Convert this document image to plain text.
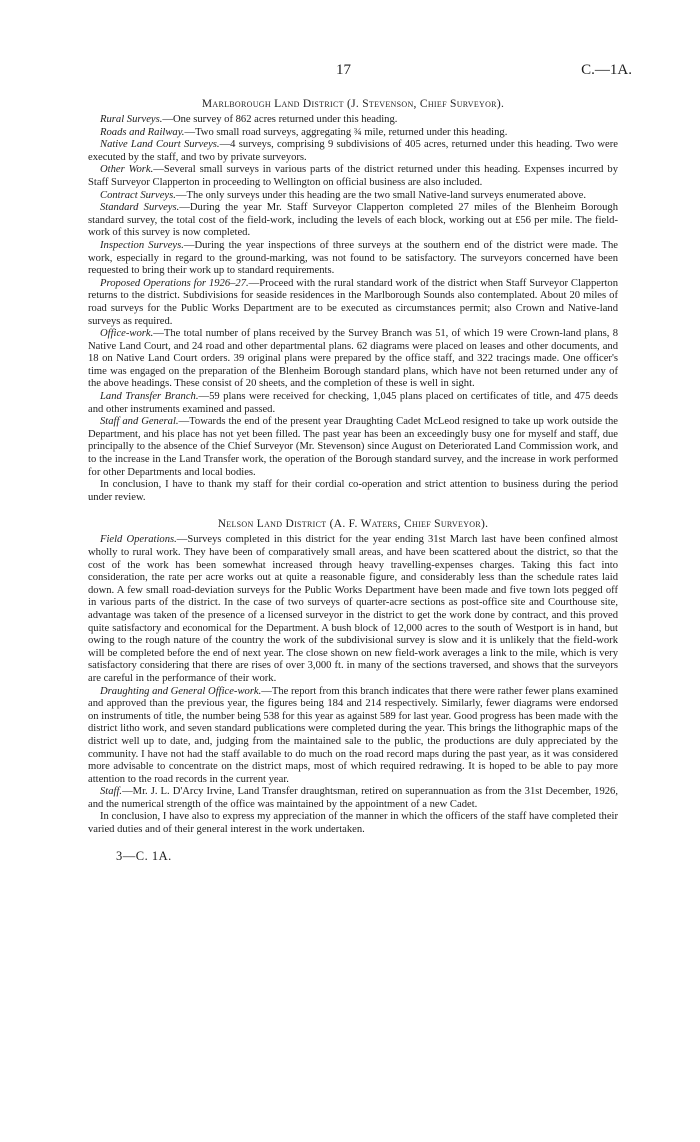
17	C.—1A.
Marlborough Land District (J. Stevenson, Chief Surveyor).

Rural Surveys.—One survey of 862 acres returned under this heading.

Roads and Railway.—Two small road surveys, aggregating ¾ mile, returned under this heading.

Native Land Court Surveys.—4 surveys, comprising 9 subdivisions of 405 acres, returned under this heading. Two were executed by the staff, and two by private surveyors.

Other Work.—Several small surveys in various parts of the district returned under this heading. Expenses incurred by Staff Surveyor Clapperton in proceeding to Wellington on official business are also included.

Contract Surveys.—The only surveys under this heading are the two small Native-land surveys enumerated above.

Standard Surveys.—During the year Mr. Staff Surveyor Clapperton completed 27 miles of the Blenheim Borough standard survey, the total cost of the field-work, including the levels of each block, working out at £56 per mile. The field-work of this survey is now completed.

Inspection Surveys.—During the year inspections of three surveys at the southern end of the district were made. The work, especially in regard to the ground-marking, was not found to be satisfactory. The surveyors concerned have been requested to bring their work up to standard requirements.

Proposed Operations for 1926–27.—Proceed with the rural standard work of the district when Staff Surveyor Clapperton returns to the district. Subdivisions for seaside residences in the Marlborough Sounds also contemplated. About 20 miles of road surveys for the Public Works Department are to be executed as circumstances permit; also Crown and Native-land surveys as required.

Office-work.—The total number of plans received by the Survey Branch was 51, of which 19 were Crown-land plans, 8 Native Land Court, and 24 road and other departmental plans. 62 diagrams were placed on leases and other documents, and 18 on Native Land Court orders. 39 original plans were prepared by the office staff, and 322 tracings made. One officer's time was engaged on the preparation of the Blenheim Borough standard plans, which have not been returned under any of the above headings. These consist of 20 sheets, and the completion of these is well in sight.

Land Transfer Branch.—59 plans were received for checking, 1,045 plans placed on certificates of title, and 475 deeds and other instruments examined and passed.

Staff and General.—Towards the end of the present year Draughting Cadet McLeod resigned to take up work outside the Department, and his place has not yet been filled. The past year has been an exceedingly busy one for myself and staff, due principally to the absence of the Chief Surveyor (Mr. Stevenson) since August on Deteriorated Land Commission work, and to the increase in the Land Transfer work, the operation of the Borough standard survey, and the increase in work performed for other Departments and local bodies.

In conclusion, I have to thank my staff for their cordial co-operation and strict attention to business during the period under review.

Nelson Land District (A. F. Waters, Chief Surveyor).

Field Operations.—Surveys completed in this district for the year ending 31st March last have been confined almost wholly to rural work. They have been of comparatively small areas, and have been scattered about the district, so that the cost of the work has been somewhat increased through heavy travelling-expenses charges. Taking this fact into consideration, the rate per acre works out at quite a reasonable figure, and considerably less than the schedule rates laid down. A few small road-deviation surveys for the Public Works Department have been made and five town lots pegged off in various parts of the district. In the case of two surveys of quarter-acre sections as post-office site and Courthouse site, advantage was taken of the presence of a licensed surveyor in the district to get the work done by contract, and this proved quite satisfactory and economical for the Department. A bush block of 12,000 acres to the south of Westport is in hand, but owing to the rough nature of the country the work of the subdivisional survey is slow and it is unlikely that the field-work will be completed before the end of next year. The close shown on new field-work averages a link to the mile, which is very satisfactory considering that there are rises of over 3,000 ft. in many of the sections traversed, and shows that the surveyors are careful in the performance of their work.

Draughting and General Office-work.—The report from this branch indicates that there were rather fewer plans examined and approved than the previous year, the figures being 184 and 214 respectively. Similarly, fewer diagrams were endorsed on instruments of title, the number being 538 for this year as against 589 for last year. Good progress has been made with the district litho work, and seven standard publications were completed during the year. This brings the lithographic maps of the district well up to date, and, judging from the maintained sale to the public, the productions are duly appreciated by the community. I have not had the staff available to do much on the road record maps during the past year, as it was considered more advisable to concentrate on the district maps, most of which required redrawing. It is hoped to be able to pay more attention to the road records in the current year.

Staff.—Mr. J. L. D'Arcy Irvine, Land Transfer draughtsman, retired on superannuation as from the 31st December, 1926, and the numerical strength of the office was maintained by the appointment of a new Cadet.

In conclusion, I have also to express my appreciation of the manner in which the officers of the staff have completed their varied duties and of their general interest in the work undertaken.

3—C. 1A.
